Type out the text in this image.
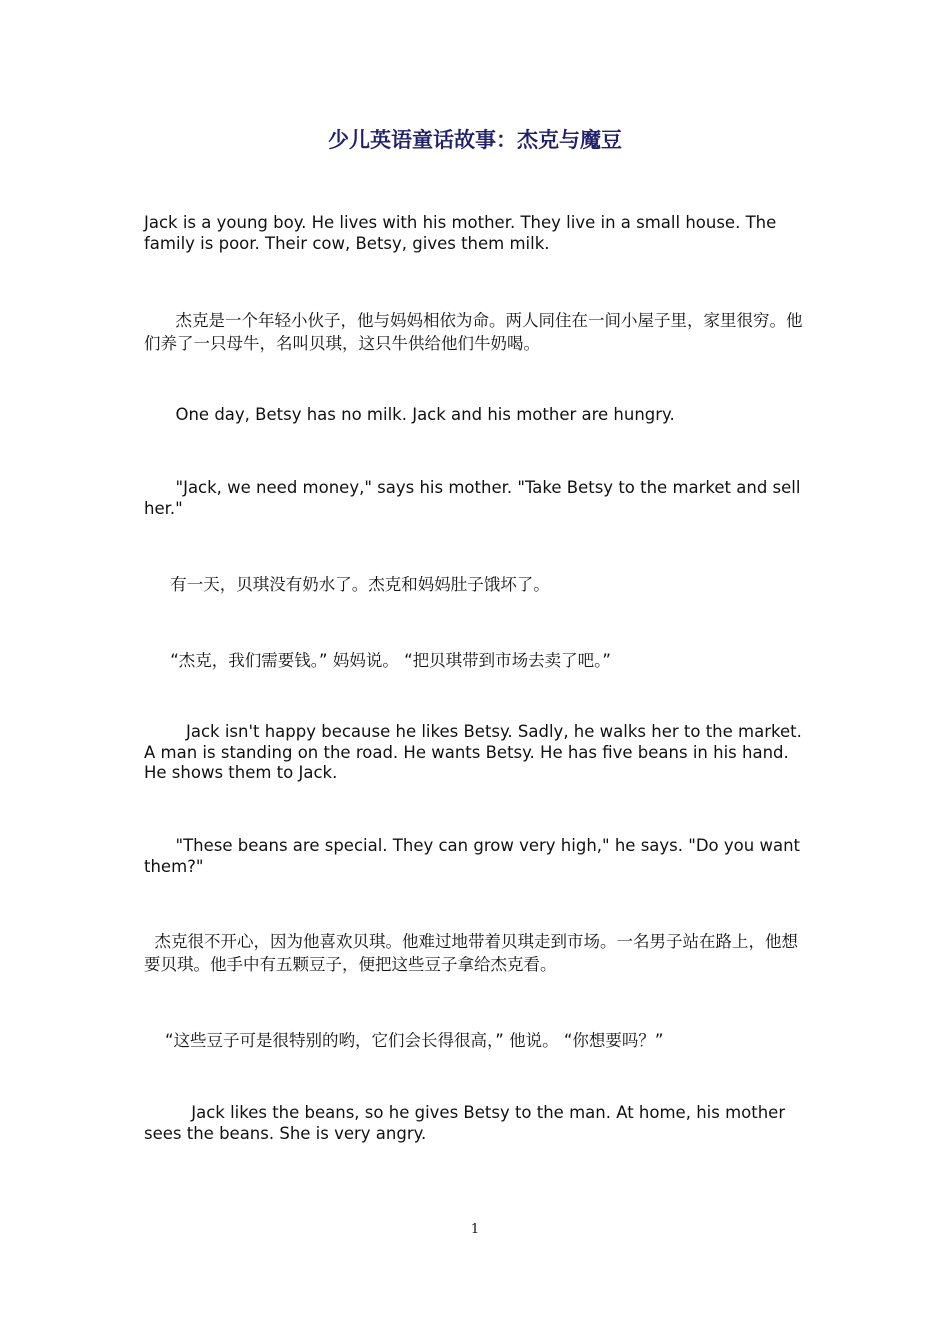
少儿英语童话故事：杰克与魔豆

Jack is a young boy. He lives with his mother. They live in a small house. The family is poor. Their cow, Betsy, gives them milk.

杰克是一个年轻小伙子，他与妈妈相依为命。两人同住在一间小屋子里，家里很穷。他们养了一只母牛，名叫贝琪，这只牛供给他们牛奶喝。

One day, Betsy has no milk. Jack and his mother are hungry.

"Jack, we need money," says his mother. "Take Betsy to the market and sell her."

有一天，贝琪没有奶水了。杰克和妈妈肚子饿坏了。

“杰克，我们需要钱。” 妈妈说。 “把贝琪带到市场去卖了吧。”

Jack isn't happy because he likes Betsy. Sadly, he walks her to the market. A man is standing on the road. He wants Betsy. He has five beans in his hand. He shows them to Jack.

"These beans are special. They can grow very high," he says. "Do you want them?"

杰克很不开心，因为他喜欢贝琪。他难过地带着贝琪走到市场。一名男子站在路上，他想要贝琪。他手中有五颗豆子，便把这些豆子拿给杰克看。

“这些豆子可是很特别的哟，它们会长得很高，” 他说。 “你想要吗？”

Jack likes the beans, so he gives Betsy to the man. At home, his mother sees the beans. She is very angry.

1
